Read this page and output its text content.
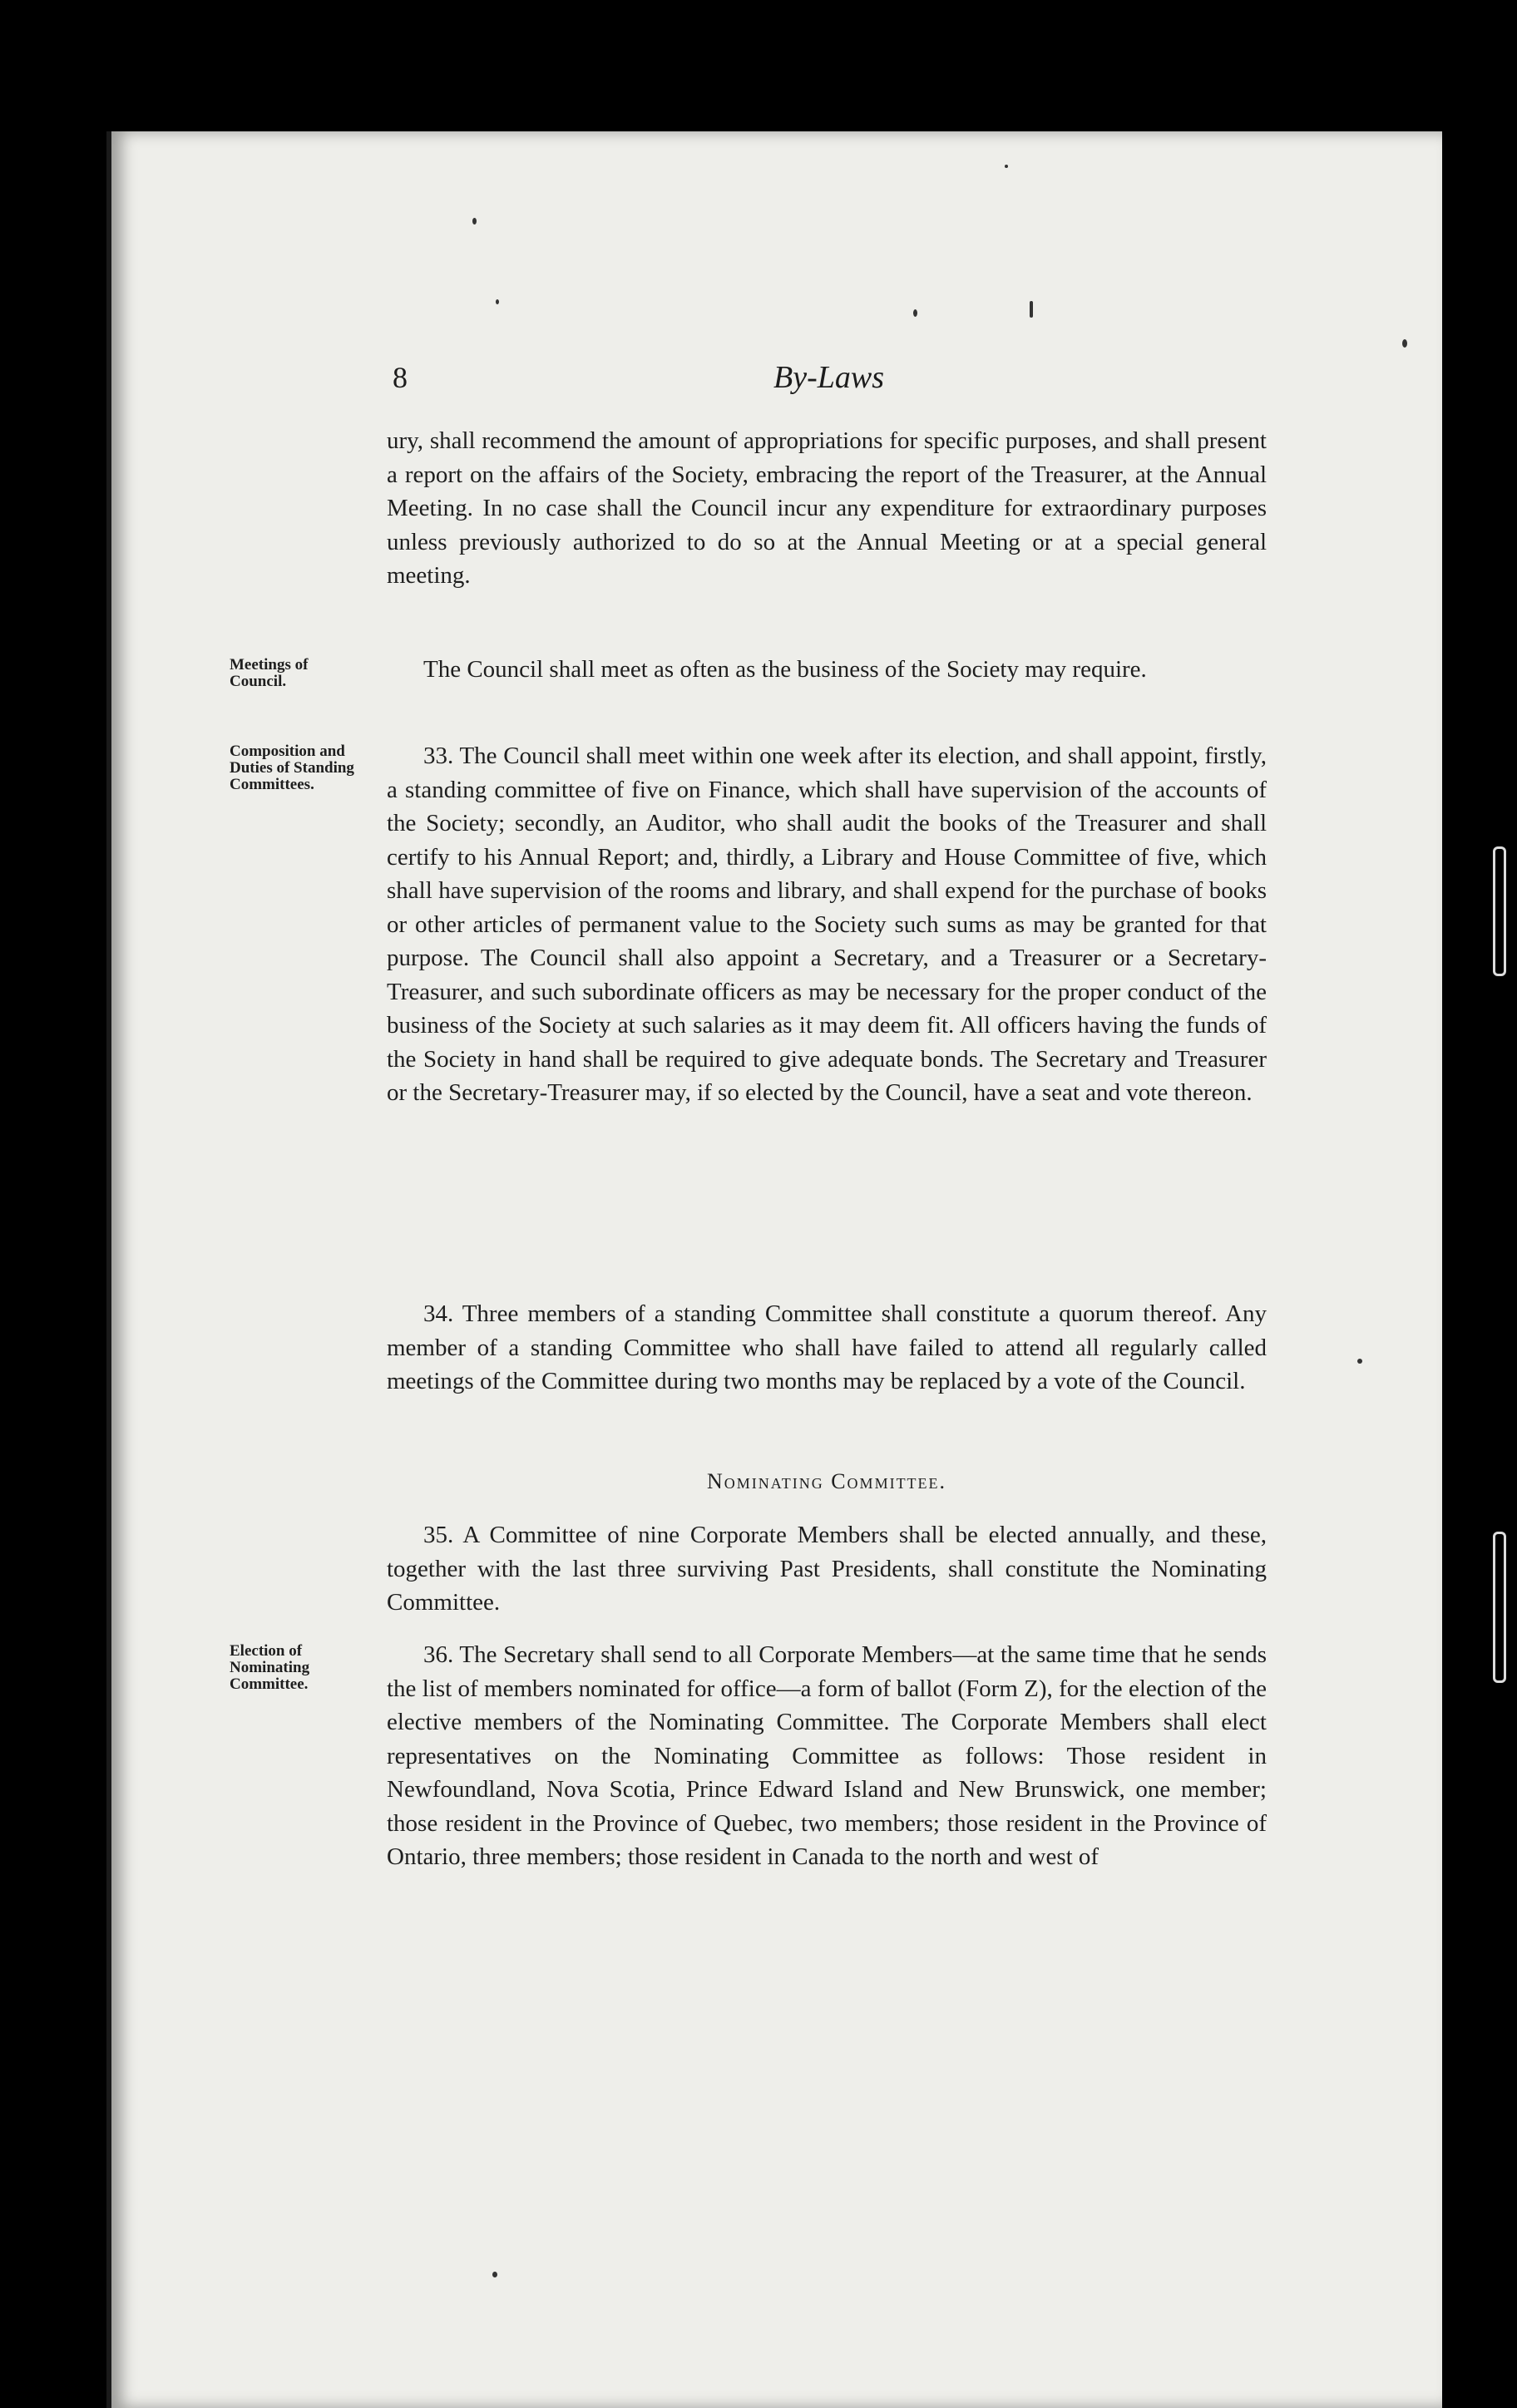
8	By-Laws

ury, shall recommend the amount of appropriations for specific purposes, and shall present a report on the affairs of the Society, embracing the report of the Treasurer, at the Annual Meeting. In no case shall the Council incur any expenditure for extraordinary purposes unless previously authorized to do so at the Annual Meeting or at a special general meeting.

Meetings of Council.	The Council shall meet as often as the business of the Society may require.

Composition and Duties of Standing Committees.

33. The Council shall meet within one week after its election, and shall appoint, firstly, a standing committee of five on Finance, which shall have supervision of the accounts of the Society; secondly, an Auditor, who shall audit the books of the Treasurer and shall certify to his Annual Report; and, thirdly, a Library and House Committee of five, which shall have supervision of the rooms and library, and shall expend for the purchase of books or other articles of permanent value to the Society such sums as may be granted for that purpose. The Council shall also appoint a Secretary, and a Treasurer or a Secretary-Treasurer, and such subordinate officers as may be necessary for the proper conduct of the business of the Society at such salaries as it may deem fit. All officers having the funds of the Society in hand shall be required to give adequate bonds. The Secretary and Treasurer or the Secretary-Treasurer may, if so elected by the Council, have a seat and vote thereon.

34. Three members of a standing Committee shall constitute a quorum thereof. Any member of a standing Committee who shall have failed to attend all regularly called meetings of the Committee during two months may be replaced by a vote of the Council.

Nominating Committee.

35. A Committee of nine Corporate Members shall be elected annually, and these, together with the last three surviving Past Presidents, shall constitute the Nominating Committee.

Election of Nominating Committee.

36. The Secretary shall send to all Corporate Members—at the same time that he sends the list of members nominated for office—a form of ballot (Form Z), for the election of the elective members of the Nominating Committee. The Corporate Members shall elect representatives on the Nominating Committee as follows: Those resident in Newfoundland, Nova Scotia, Prince Edward Island and New Brunswick, one member; those resident in the Province of Quebec, two members; those resident in the Province of Ontario, three members; those resident in Canada to the north and west of
